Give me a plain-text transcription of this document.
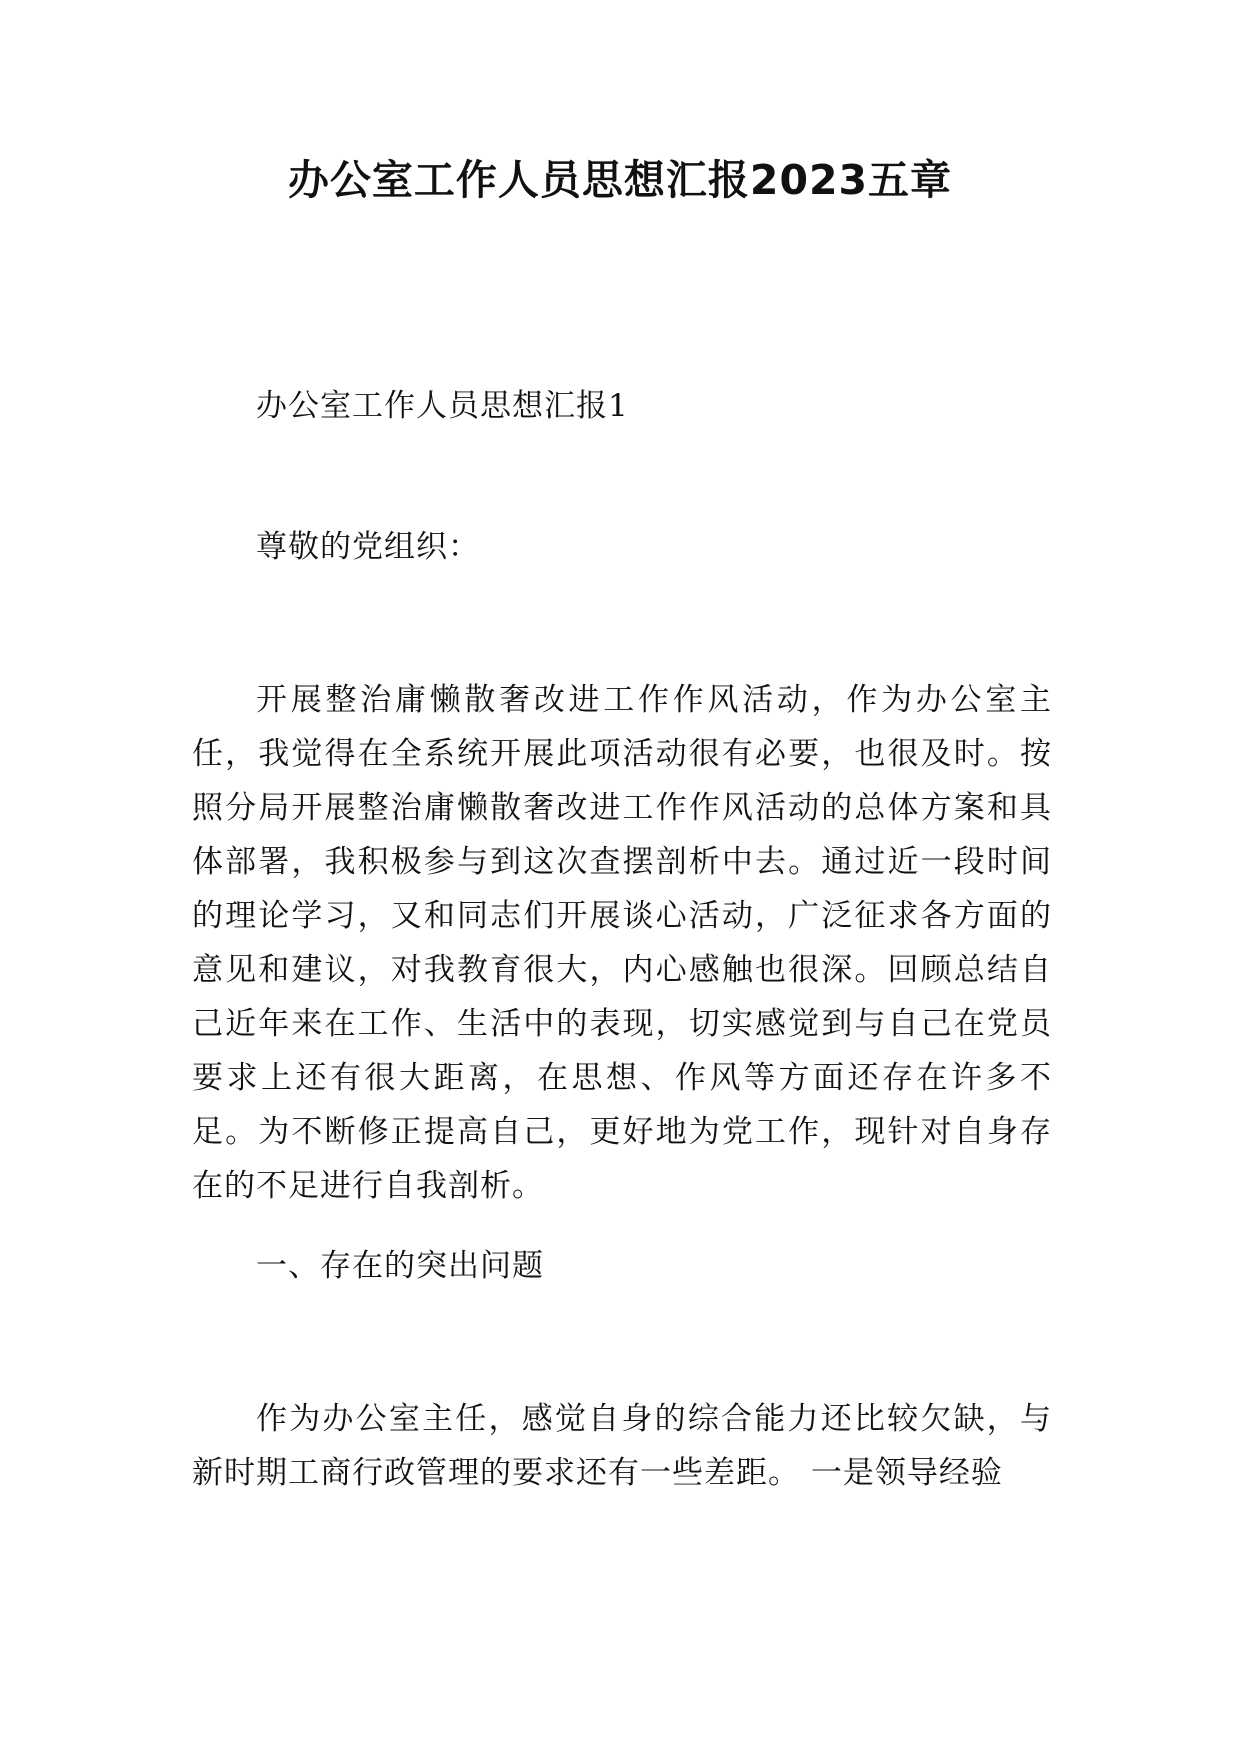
办公室工作人员思想汇报2023五章

办公室工作人员思想汇报1

尊敬的党组织：

开展整治庸懒散奢改进工作作风活动，作为办公室主任，我觉得在全系统开展此项活动很有必要，也很及时。按照分局开展整治庸懒散奢改进工作作风活动的总体方案和具体部署，我积极参与到这次查摆剖析中去。通过近一段时间的理论学习，又和同志们开展谈心活动，广泛征求各方面的意见和建议，对我教育很大，内心感触也很深。回顾总结自己近年来在工作、生活中的表现，切实感觉到与自己在党员要求上还有很大距离，在思想、作风等方面还存在许多不足。为不断修正提高自己，更好地为党工作，现针对自身存在的不足进行自我剖析。

一、存在的突出问题

作为办公室主任，感觉自身的综合能力还比较欠缺，与新时期工商行政管理的要求还有一些差距。 一是领导经验
